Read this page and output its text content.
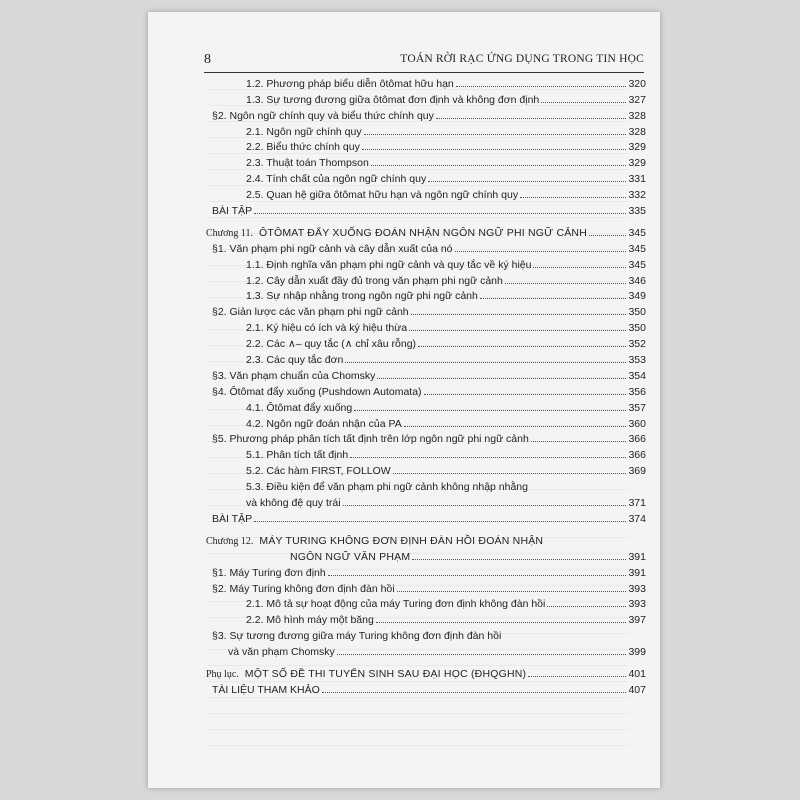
8	TOÁN RỜI RẠC ỨNG DỤNG TRONG TIN HỌC
1.2. Phương pháp biểu diễn ôtômat hữu hạn	320
1.3. Sự tương đương giữa ôtômat đơn định và không đơn định	327
§2. Ngôn ngữ chính quy và biểu thức chính quy	328
2.1. Ngôn ngữ chính quy	328
2.2. Biểu thức chính quy	329
2.3. Thuật toán Thompson	329
2.4. Tính chất của ngôn ngữ chính quy	331
2.5. Quan hệ giữa ôtômat hữu hạn và ngôn ngữ chính quy	332
BÀI TẬP	335
Chương 11. ÔTÔMAT ĐẨY XUỐNG ĐOÁN NHẬN NGÔN NGỮ PHI NGỮ CẢNH	345
§1. Văn phạm phi ngữ cảnh và cây dẫn xuất của nó	345
1.1. Định nghĩa văn phạm phi ngữ cảnh và quy tắc về ký hiệu	345
1.2. Cây dẫn xuất đầy đủ trong văn phạm phi ngữ cảnh	346
1.3. Sự nhập nhằng trong ngôn ngữ phi ngữ cảnh	349
§2. Giản lược các văn phạm phi ngữ cảnh	350
2.1. Ký hiệu có ích và ký hiệu thừa	350
2.2. Các ∧– quy tắc (∧ chỉ xâu rỗng)	352
2.3. Các quy tắc đơn	353
§3. Văn phạm chuẩn của Chomsky	354
§4. Ôtômat đẩy xuống (Pushdown Automata)	356
4.1. Ôtômat đẩy xuống	357
4.2. Ngôn ngữ đoán nhận của PA	360
§5. Phương pháp phân tích tất định trên lớp ngôn ngữ phi ngữ cảnh	366
5.1. Phân tích tất định	366
5.2. Các hàm FIRST, FOLLOW	369
5.3. Điều kiện để văn phạm phi ngữ cảnh không nhập nhằng
và không đệ quy trái	371
BÀI TẬP	374
Chương 12. MÁY TURING KHÔNG ĐƠN ĐỊNH ĐÀN HỒI ĐOÁN NHẬN
NGÔN NGỮ VĂN PHẠM	391
§1. Máy Turing đơn định	391
§2. Máy Turing không đơn định đàn hồi	393
2.1. Mô tả sự hoạt động của máy Turing đơn định không đàn hồi	393
2.2. Mô hình máy một băng	397
§3. Sự tương đương giữa máy Turing không đơn định đàn hồi
và văn phạm Chomsky	399
Phụ lục. MỘT SỐ ĐỀ THI TUYỂN SINH SAU ĐẠI HỌC (ĐHQGHN)	401
TÀI LIỆU THAM KHẢO	407
